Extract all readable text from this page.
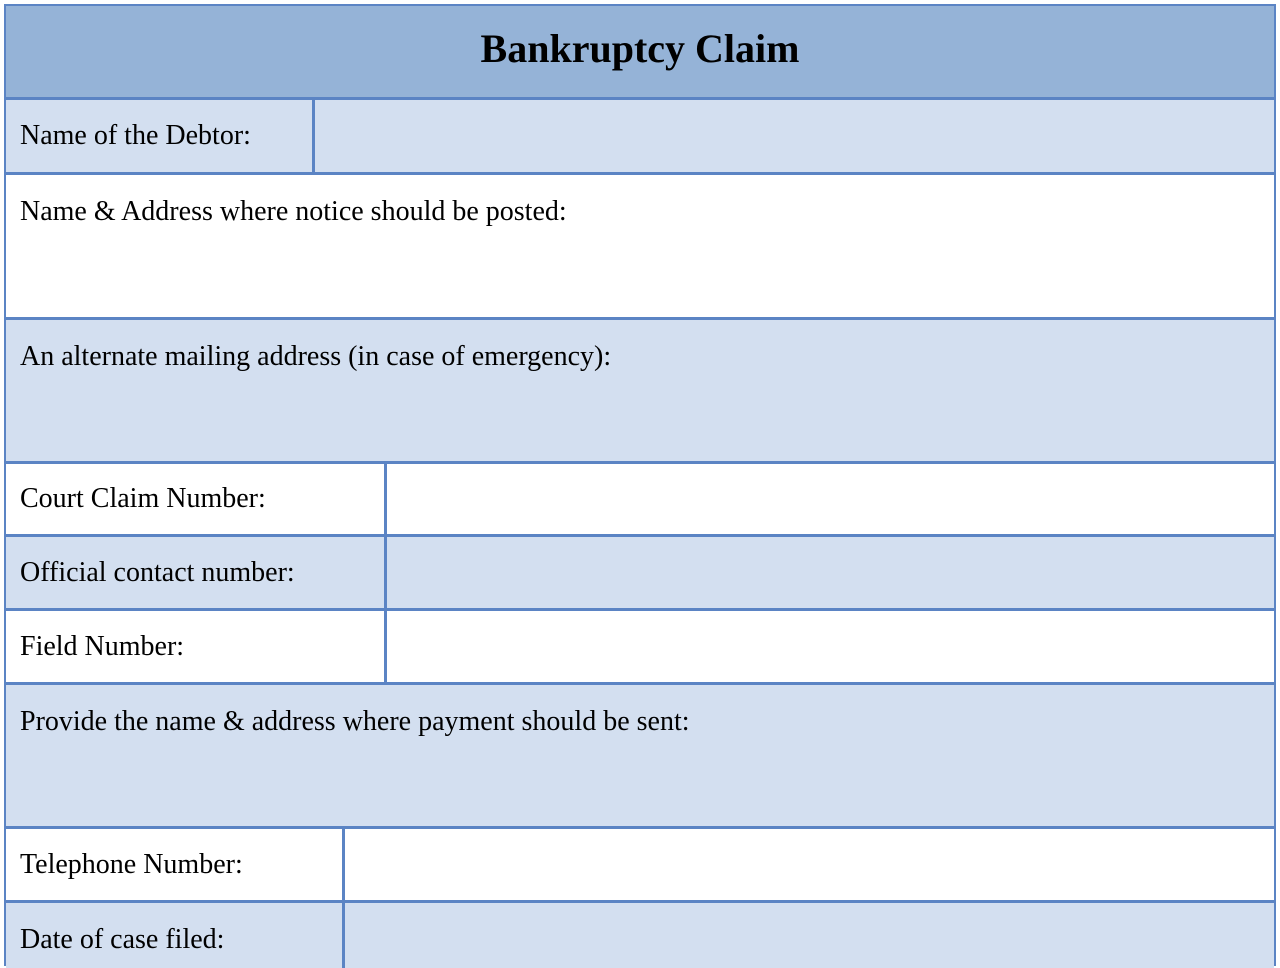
Bankruptcy Claim
Name of the Debtor:
Name & Address where notice should be posted:
An alternate mailing address (in case of emergency):
Court Claim Number:
Official contact number:
Field Number:
Provide the name & address where payment should be sent:
Telephone Number:
Date of case filed:
